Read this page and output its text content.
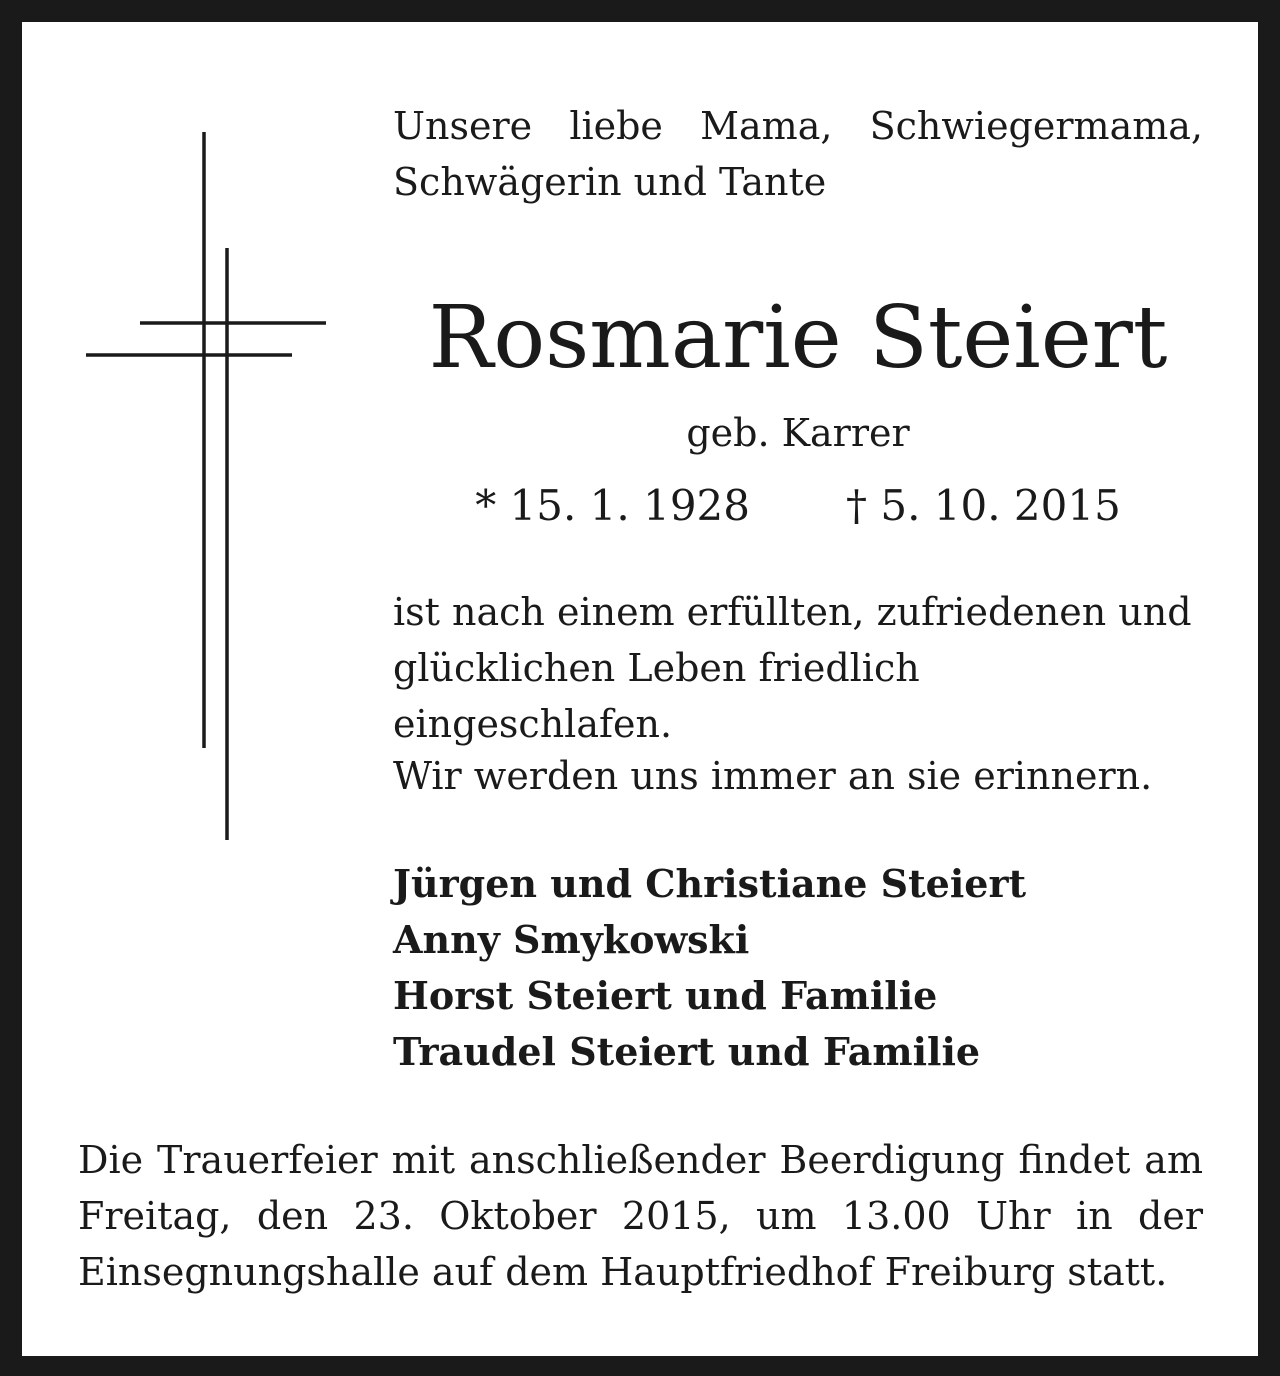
Unsere liebe Mama, Schwiegermama, Schwägerin und Tante

Rosmarie Steiert

geb. Karrer

* 15. 1. 1928 † 5. 10. 2015

ist nach einem erfüllten, zufriedenen und glücklichen Leben friedlich eingeschlafen.

Wir werden uns immer an sie erinnern.

Jürgen und Christiane Steiert
Anny Smykowski
Horst Steiert und Familie
Traudel Steiert und Familie

Die Trauerfeier mit anschließender Beerdigung findet am Freitag, den 23. Oktober 2015, um 13.00 Uhr in der Einsegnungshalle auf dem Hauptfriedhof Freiburg statt.
